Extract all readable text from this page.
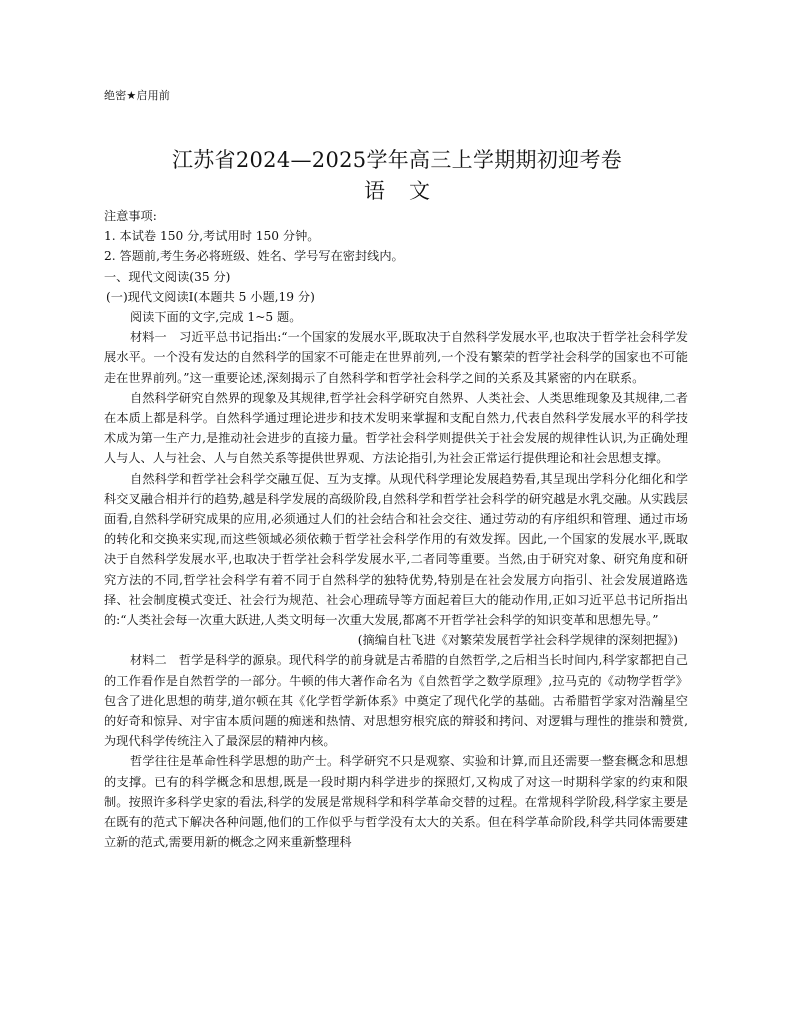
绝密★启用前
江苏省2024—2025学年高三上学期期初迎考卷
语文

注意事项:

1. 本试卷 150 分,考试用时 150 分钟。

2. 答题前,考生务必将班级、姓名、学号写在密封线内。

一、现代文阅读(35 分)

(一)现代文阅读Ⅰ(本题共 5 小题,19 分)

阅读下面的文字,完成 1~5 题。

材料一　习近平总书记指出:“一个国家的发展水平,既取决于自然科学发展水平,也取决于哲学社会科学发展水平。一个没有发达的自然科学的国家不可能走在世界前列,一个没有繁荣的哲学社会科学的国家也不可能走在世界前列。”这一重要论述,深刻揭示了自然科学和哲学社会科学之间的关系及其紧密的内在联系。

自然科学研究自然界的现象及其规律,哲学社会科学研究自然界、人类社会、人类思维现象及其规律,二者在本质上都是科学。自然科学通过理论进步和技术发明来掌握和支配自然力,代表自然科学发展水平的科学技术成为第一生产力,是推动社会进步的直接力量。哲学社会科学则提供关于社会发展的规律性认识,为正确处理人与人、人与社会、人与自然关系等提供世界观、方法论指引,为社会正常运行提供理论和社会思想支撑。

自然科学和哲学社会科学交融互促、互为支撑。从现代科学理论发展趋势看,其呈现出学科分化细化和学科交叉融合相并行的趋势,越是科学发展的高级阶段,自然科学和哲学社会科学的研究越是水乳交融。从实践层面看,自然科学研究成果的应用,必须通过人们的社会结合和社会交往、通过劳动的有序组织和管理、通过市场的转化和交换来实现,而这些领域必须依赖于哲学社会科学作用的有效发挥。因此,一个国家的发展水平,既取决于自然科学发展水平,也取决于哲学社会科学发展水平,二者同等重要。当然,由于研究对象、研究角度和研究方法的不同,哲学社会科学有着不同于自然科学的独特优势,特别是在社会发展方向指引、社会发展道路选择、社会制度模式变迁、社会行为规范、社会心理疏导等方面起着巨大的能动作用,正如习近平总书记所指出的:“人类社会每一次重大跃进,人类文明每一次重大发展,都离不开哲学社会科学的知识变革和思想先导。”

(摘编自杜飞进《对繁荣发展哲学社会科学规律的深刻把握》)

材料二　哲学是科学的源泉。现代科学的前身就是古希腊的自然哲学,之后相当长时间内,科学家都把自己的工作看作是自然哲学的一部分。牛顿的伟大著作命名为《自然哲学之数学原理》,拉马克的《动物学哲学》包含了进化思想的萌芽,道尔顿在其《化学哲学新体系》中奠定了现代化学的基础。古希腊哲学家对浩瀚星空的好奇和惊异、对宇宙本质问题的痴迷和热情、对思想穷根究底的辩驳和拷问、对逻辑与理性的推崇和赞赏,为现代科学传统注入了最深层的精神内核。

哲学往往是革命性科学思想的助产士。科学研究不只是观察、实验和计算,而且还需要一整套概念和思想的支撑。已有的科学概念和思想,既是一段时期内科学进步的探照灯,又构成了对这一时期科学家的约束和限制。按照许多科学史家的看法,科学的发展是常规科学和科学革命交替的过程。在常规科学阶段,科学家主要是在既有的范式下解决各种问题,他们的工作似乎与哲学没有太大的关系。但在科学革命阶段,科学共同体需要建立新的范式,需要用新的概念之网来重新整理科
